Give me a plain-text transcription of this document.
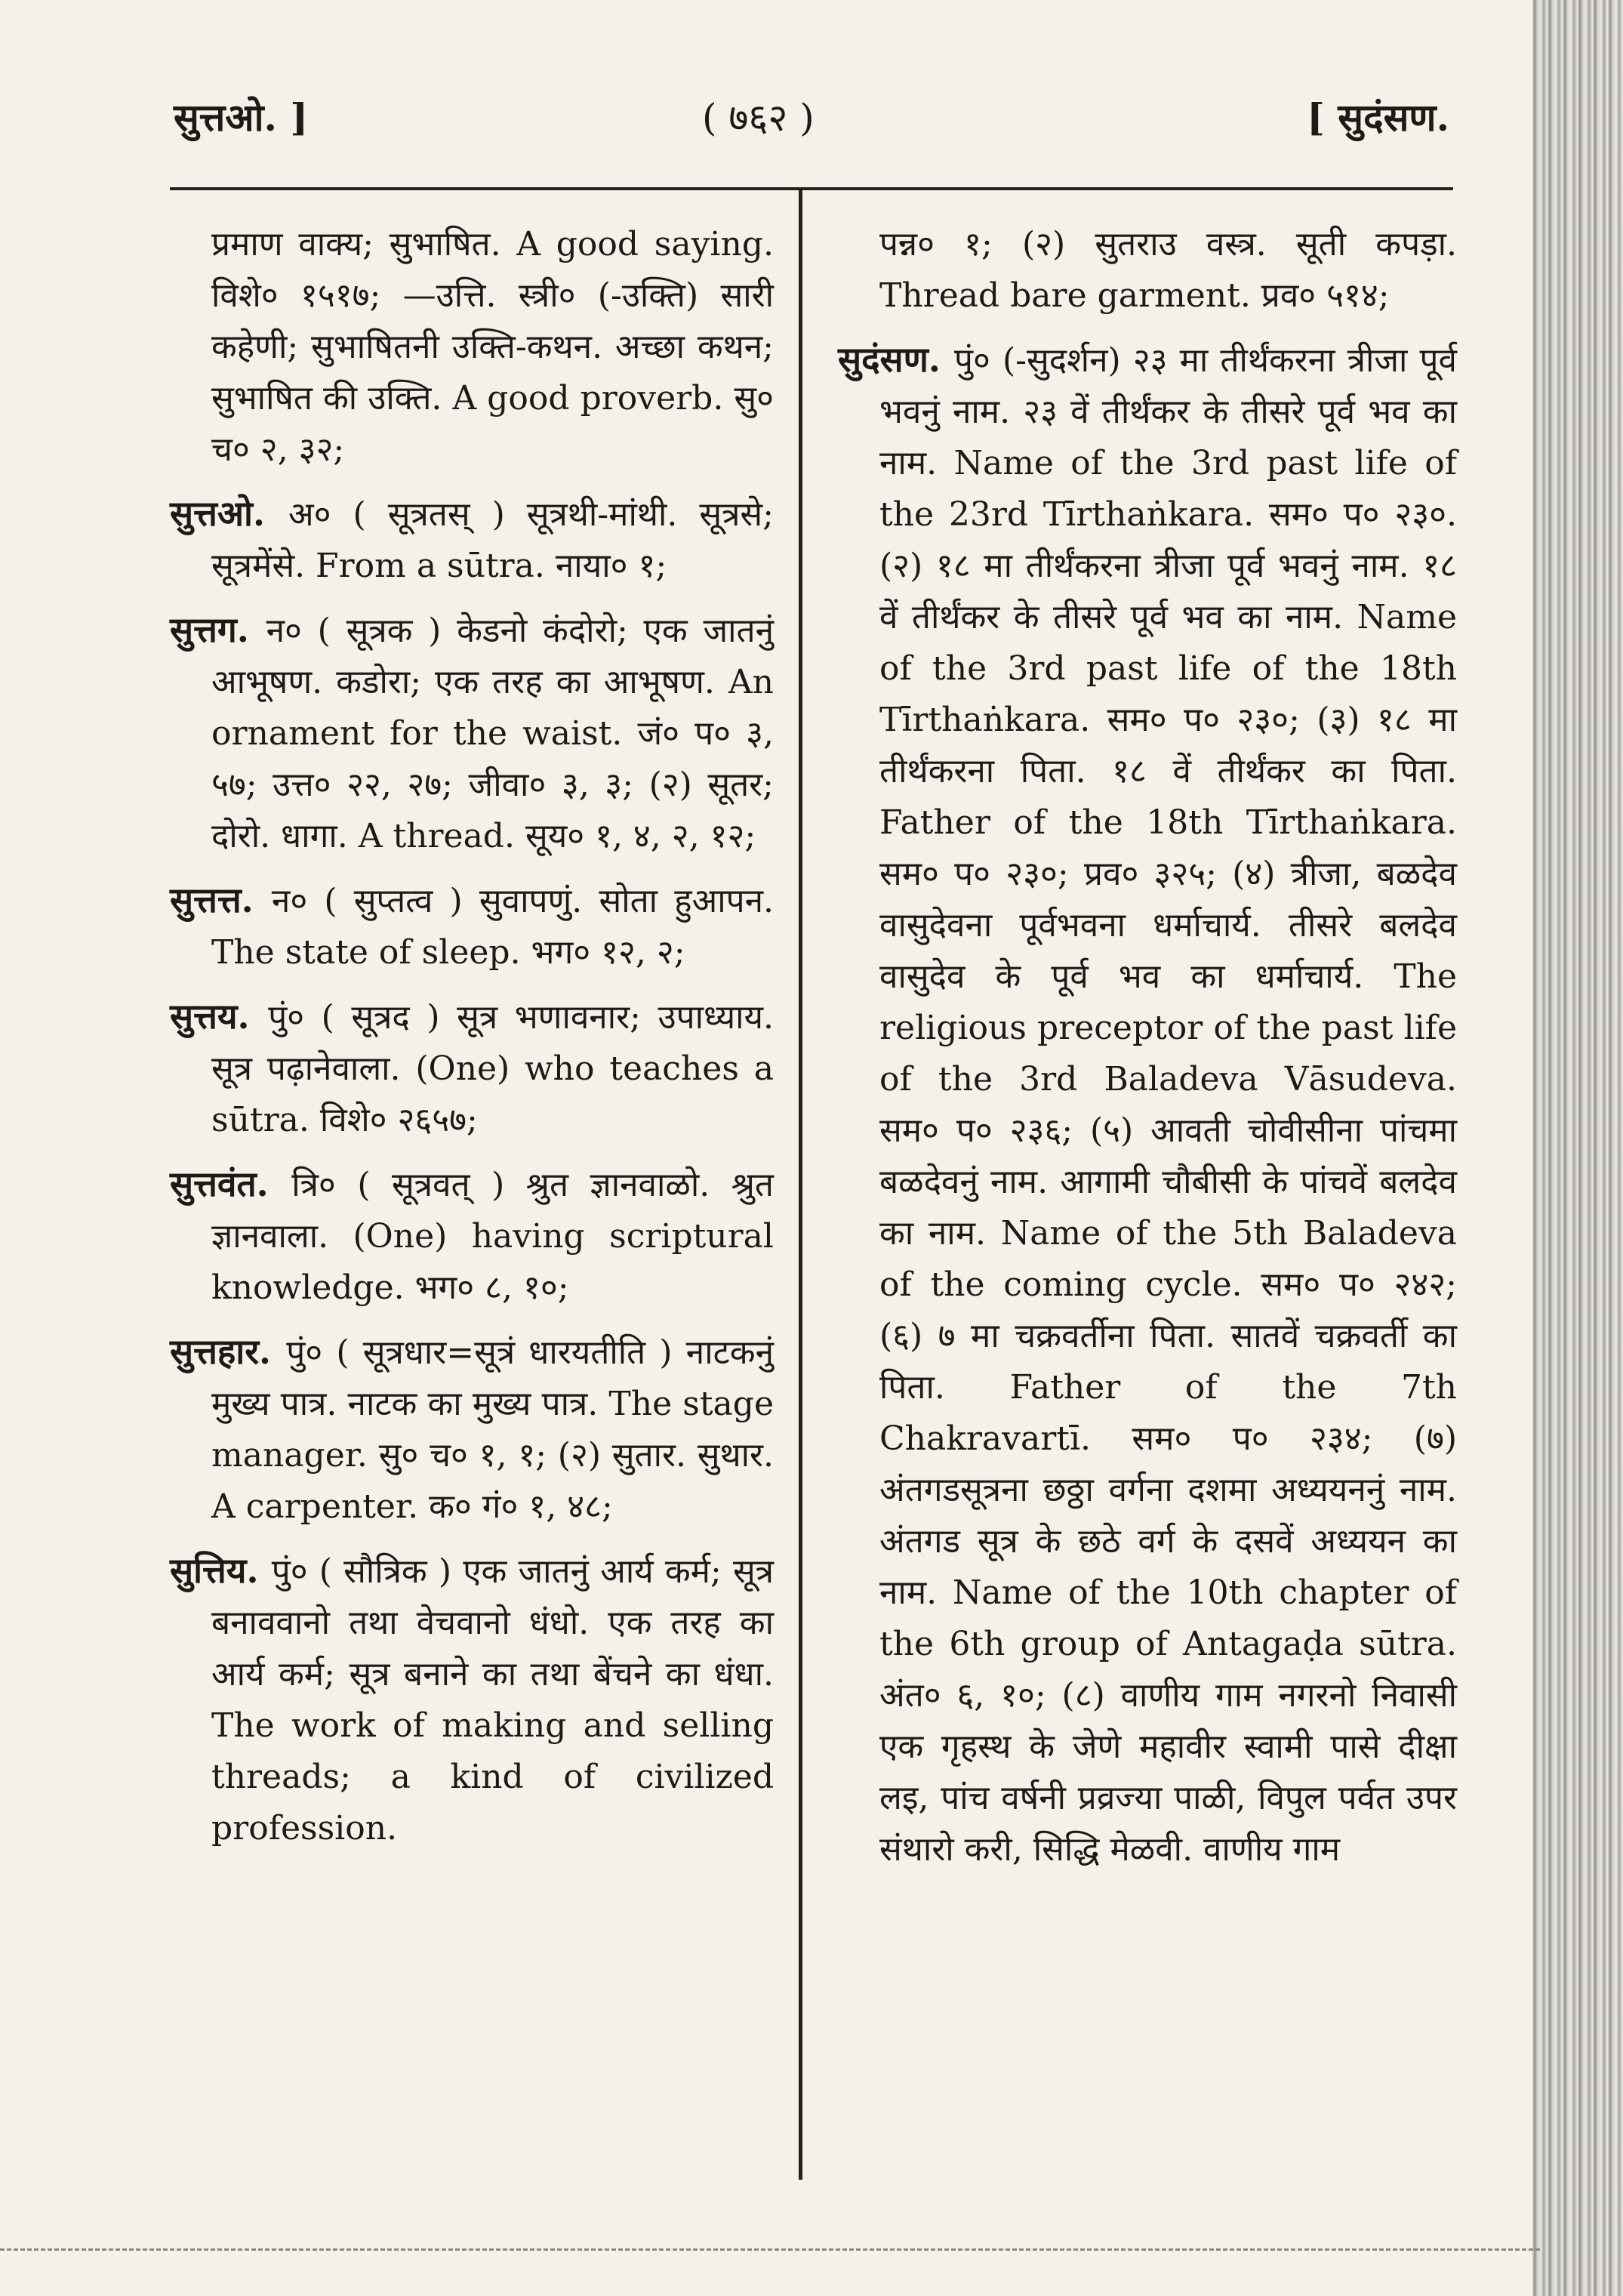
सुत्तओ. ]	( ७६२ )	[ सुदंसण.

प्रमाण वाक्य; सुभाषित. A good saying. विशे० १५१७; —उत्ति. स्त्री० (-उक्ति) सारी कहेणी; सुभाषितनी उक्ति-कथन. अच्छा कथन; सुभाषित की उक्ति. A good proverb. सु० च० २, ३२;

सुत्तओ. अ० ( सूत्रतस् ) सूत्रथी-मांथी. सूत्रसे; सूत्रमेंसे. From a sūtra. नाया० १;

सुत्तग. न० ( सूत्रक ) केडनो कंदोरो; एक जातनुं आभूषण. कडोरा; एक तरह का आभूषण. An ornament for the waist. जं० प० ३, ५७; उत्त० २२, २७; जीवा० ३, ३; (२) सूतर; दोरो. धागा. A thread. सूय० १, ४, २, १२;

सुत्तत्त. न० ( सुप्तत्व ) सुवापणुं. सोता हुआपन. The state of sleep. भग० १२, २;

सुत्तय. पुं० ( सूत्रद ) सूत्र भणावनार; उपाध्याय. सूत्र पढ़ानेवाला. (One) who teaches a sūtra. विशे० २६५७;

सुत्तवंत. त्रि० ( सूत्रवत् ) श्रुत ज्ञानवाळो. श्रुत ज्ञानवाला. (One) having scriptural knowledge. भग० ८, १०;

सुत्तहार. पुं० ( सूत्रधार=सूत्रं धारयतीति ) नाटकनुं मुख्य पात्र. नाटक का मुख्य पात्र. The stage manager. सु० च० १, १; (२) सुतार. सुथार. A carpenter. क० गं० १, ४८;

सुत्तिय. पुं० ( सौत्रिक ) एक जातनुं आर्य कर्म; सूत्र बनाववानो तथा वेचवानो धंधो. एक तरह का आर्य कर्म; सूत्र बनाने का तथा बेंचने का धंधा. The work of making and selling threads; a kind of civilized profession.

पन्न० १; (२) सुतराउ वस्त्र. सूती कपड़ा. Thread bare garment. प्रव० ५१४;

सुदंसण. पुं० (-सुदर्शन) २३ मा तीर्थंकरना त्रीजा पूर्व भवनुं नाम. २३ वें तीर्थंकर के तीसरे पूर्व भव का नाम. Name of the 3rd past life of the 23rd Tīrthaṅkara. सम० प० २३०. (२) १८ मा तीर्थंकरना त्रीजा पूर्व भवनुं नाम. १८ वें तीर्थंकर के तीसरे पूर्व भव का नाम. Name of the 3rd past life of the 18th Tīrthaṅkara. सम० प० २३०; (३) १८ मा तीर्थंकरना पिता. १८ वें तीर्थंकर का पिता. Father of the 18th Tīrthaṅkara. सम० प० २३०; प्रव० ३२५; (४) त्रीजा, बळदेव वासुदेवना पूर्वभवना धर्माचार्य. तीसरे बलदेव वासुदेव के पूर्व भव का धर्माचार्य. The religious preceptor of the past life of the 3rd Baladeva Vāsudeva. सम० प० २३६; (५) आवती चोवीसीना पांचमा बळदेवनुं नाम. आगामी चौबीसी के पांचवें बलदेव का नाम. Name of the 5th Baladeva of the coming cycle. सम० प० २४२; (६) ७ मा चक्रवर्तीना पिता. सातवें चक्रवर्ती का पिता. Father of the 7th Chakravartī. सम० प० २३४; (७) अंतगडसूत्रना छठ्ठा वर्गना दशमा अध्ययननुं नाम. अंतगड सूत्र के छठे वर्ग के दसवें अध्ययन का नाम. Name of the 10th chapter of the 6th group of Antagaḍa sūtra. अंत० ६, १०; (८) वाणीय गाम नगरनो निवासी एक गृहस्थ के जेणे महावीर स्वामी पासे दीक्षा लइ, पांच वर्षनी प्रव्रज्या पाळी, विपुल पर्वत उपर संथारो करी, सिद्धि मेळवी. वाणीय गाम
